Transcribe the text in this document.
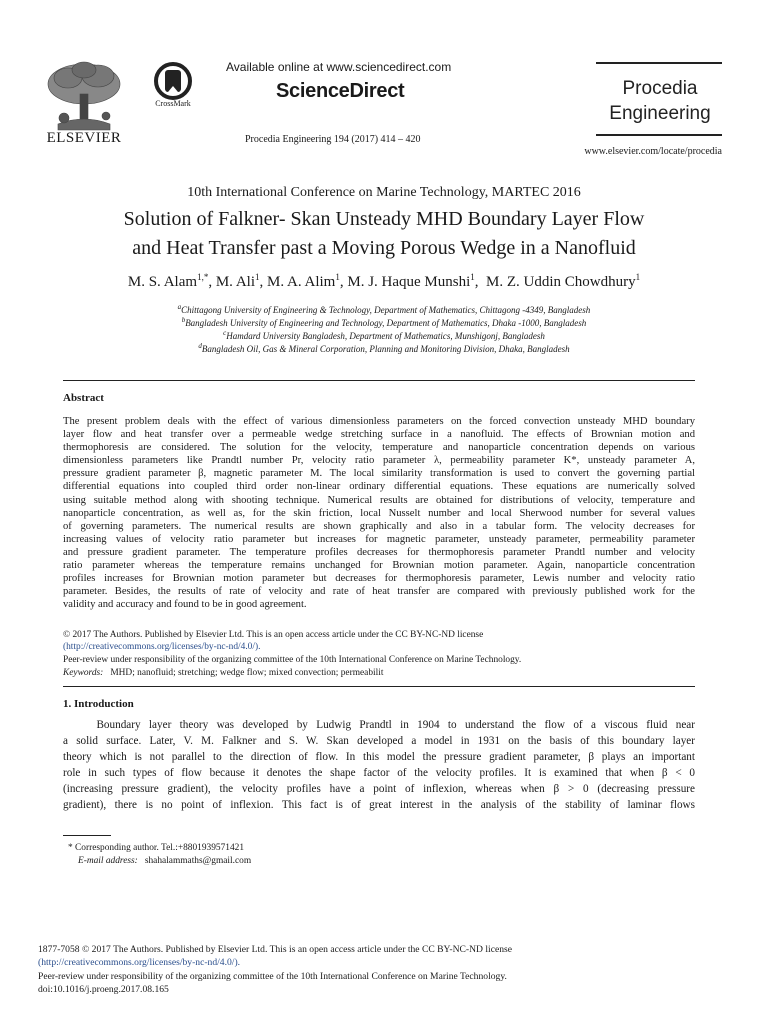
ELSEVIER
CrossMark
Available online at www.sciencedirect.com
ScienceDirect
Procedia Engineering 194 (2017) 414 – 420
Procedia
Engineering
www.elsevier.com/locate/procedia
10th International Conference on Marine Technology, MARTEC 2016
Solution of Falkner- Skan Unsteady MHD Boundary Layer Flow
and Heat Transfer past a Moving Porous Wedge in a Nanofluid
M. S. Alam$^{1,*}$, M. Ali$^1$, M. A. Alim$^1$, M. J. Haque Munshi$^1$,  M. Z. Uddin Chowdhury$^1$
$^a$Chittagong University of Engineering & Technology, Department of Mathematics, Chittagong -4349, Bangladesh
$^b$Bangladesh University of Engineering and Technology, Department of Mathematics, Dhaka -1000, Bangladesh
$^c$Hamdard University Bangladesh, Department of Mathematics, Munshigonj, Bangladesh
$^d$Bangladesh Oil, Gas & Mineral Corporation, Planning and Monitoring Division, Dhaka, Bangladesh
Abstract

The present problem deals with the effect of various dimensionless parameters on the forced convection unsteady MHD boundary

layer flow and heat transfer over a permeable wedge stretching surface in a nanofluid. The effects of Brownian motion and

thermophoresis are considered. The solution for the velocity, temperature and nanoparticle concentration depends on various

dimensionless parameters like Prandtl number Pr, velocity ratio parameter λ, permeability parameter K*, unsteady parameter A,

pressure gradient parameter β, magnetic parameter M. The local similarity transformation is used to convert the governing partial

differential equations into coupled third order non-linear ordinary differential equations. These equations are numerically solved

using suitable method along with shooting technique. Numerical results are obtained for distributions of velocity, temperature and

nanoparticle concentration, as well as, for the skin friction, local Nusselt number and local Sherwood number for several values

of governing parameters. The numerical results are shown graphically and also in a tabular form. The velocity decreases for

increasing values of velocity ratio parameter but increases for magnetic parameter, unsteady parameter, permeability parameter

and pressure gradient parameter. The temperature profiles decreases for thermophoresis parameter Prandtl number and velocity

ratio parameter whereas the temperature remains unchanged for Brownian motion parameter. Again, nanoparticle concentration

profiles increases for Brownian motion parameter but decreases for thermophoresis parameter, Lewis number and velocity ratio

parameter. Besides, the results of rate of velocity and rate of heat transfer are compared with previously published work for the

validity and accuracy and found to be in good agreement.

© 2017 The Authors. Published by Elsevier Ltd. This is an open access article under the CC BY-NC-ND license
(http://creativecommons.org/licenses/by-nc-nd/4.0/).
Peer-review under responsibility of the organizing committee of the 10th International Conference on Marine Technology.
Keywords: MHD; nanofluid; stretching; wedge flow; mixed convection; permeabilit
1. Introduction

Boundary layer theory was developed by Ludwig Prandtl in 1904 to understand the flow of a viscous fluid near

a solid surface. Later, V. M. Falkner and S. W. Skan developed a model in 1931 on the basis of this boundary layer

theory which is not parallel to the direction of flow. In this model the pressure gradient parameter, β plays an important

role in such types of flow because it denotes the shape factor of the velocity profiles. It is examined that when β < 0

(increasing pressure gradient), the velocity profiles have a point of inflexion, whereas when β > 0 (decreasing pressure

gradient), there is no point of inflexion. This fact is of great interest in the analysis of the stability of laminar flows

* Corresponding author. Tel.:+8801939571421
E-mail address: shahalammaths@gmail.com
1877-7058 © 2017 The Authors. Published by Elsevier Ltd. This is an open access article under the CC BY-NC-ND license
(http://creativecommons.org/licenses/by-nc-nd/4.0/).
Peer-review under responsibility of the organizing committee of the 10th International Conference on Marine Technology.
doi:10.1016/j.proeng.2017.08.165
